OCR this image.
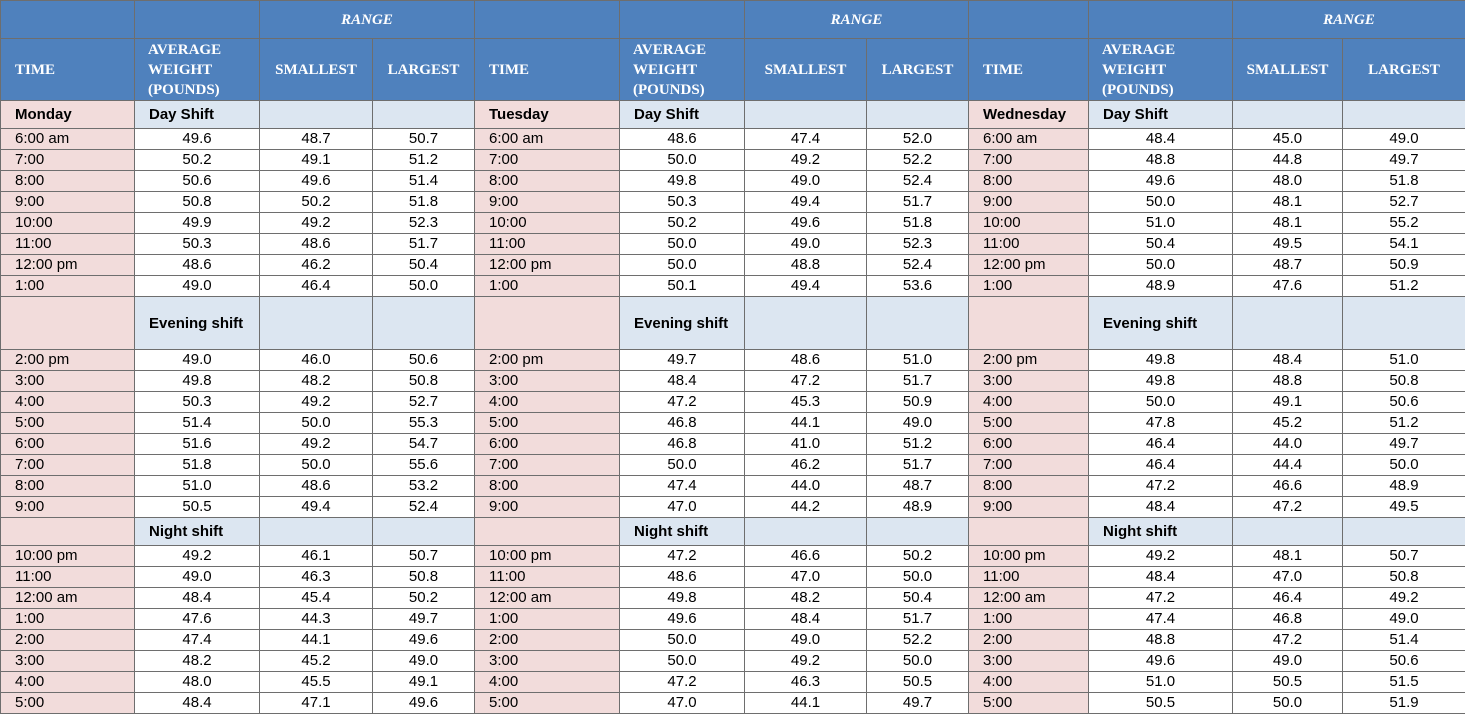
		RANGE				RANGE				RANGE	
TIME	AVERAGE WEIGHT (POUNDS)	SMALLEST	LARGEST	TIME	AVERAGE WEIGHT (POUNDS)	SMALLEST	LARGEST	TIME	AVERAGE WEIGHT (POUNDS)	SMALLEST	LARGEST
Monday	Day Shift			Tuesday	Day Shift			Wednesday	Day Shift		
6:00 am	49.6	48.7	50.7	6:00 am	48.6	47.4	52.0	6:00 am	48.4	45.0	49.0
7:00	50.2	49.1	51.2	7:00	50.0	49.2	52.2	7:00	48.8	44.8	49.7
8:00	50.6	49.6	51.4	8:00	49.8	49.0	52.4	8:00	49.6	48.0	51.8
9:00	50.8	50.2	51.8	9:00	50.3	49.4	51.7	9:00	50.0	48.1	52.7
10:00	49.9	49.2	52.3	10:00	50.2	49.6	51.8	10:00	51.0	48.1	55.2
11:00	50.3	48.6	51.7	11:00	50.0	49.0	52.3	11:00	50.4	49.5	54.1
12:00 pm	48.6	46.2	50.4	12:00 pm	50.0	48.8	52.4	12:00 pm	50.0	48.7	50.9
1:00	49.0	46.4	50.0	1:00	50.1	49.4	53.6	1:00	48.9	47.6	51.2
	Evening shift				Evening shift				Evening shift		
2:00 pm	49.0	46.0	50.6	2:00 pm	49.7	48.6	51.0	2:00 pm	49.8	48.4	51.0
3:00	49.8	48.2	50.8	3:00	48.4	47.2	51.7	3:00	49.8	48.8	50.8
4:00	50.3	49.2	52.7	4:00	47.2	45.3	50.9	4:00	50.0	49.1	50.6
5:00	51.4	50.0	55.3	5:00	46.8	44.1	49.0	5:00	47.8	45.2	51.2
6:00	51.6	49.2	54.7	6:00	46.8	41.0	51.2	6:00	46.4	44.0	49.7
7:00	51.8	50.0	55.6	7:00	50.0	46.2	51.7	7:00	46.4	44.4	50.0
8:00	51.0	48.6	53.2	8:00	47.4	44.0	48.7	8:00	47.2	46.6	48.9
9:00	50.5	49.4	52.4	9:00	47.0	44.2	48.9	9:00	48.4	47.2	49.5
	Night shift				Night shift				Night shift		
10:00 pm	49.2	46.1	50.7	10:00 pm	47.2	46.6	50.2	10:00 pm	49.2	48.1	50.7
11:00	49.0	46.3	50.8	11:00	48.6	47.0	50.0	11:00	48.4	47.0	50.8
12:00 am	48.4	45.4	50.2	12:00 am	49.8	48.2	50.4	12:00 am	47.2	46.4	49.2
1:00	47.6	44.3	49.7	1:00	49.6	48.4	51.7	1:00	47.4	46.8	49.0
2:00	47.4	44.1	49.6	2:00	50.0	49.0	52.2	2:00	48.8	47.2	51.4
3:00	48.2	45.2	49.0	3:00	50.0	49.2	50.0	3:00	49.6	49.0	50.6
4:00	48.0	45.5	49.1	4:00	47.2	46.3	50.5	4:00	51.0	50.5	51.5
5:00	48.4	47.1	49.6	5:00	47.0	44.1	49.7	5:00	50.5	50.0	51.9
